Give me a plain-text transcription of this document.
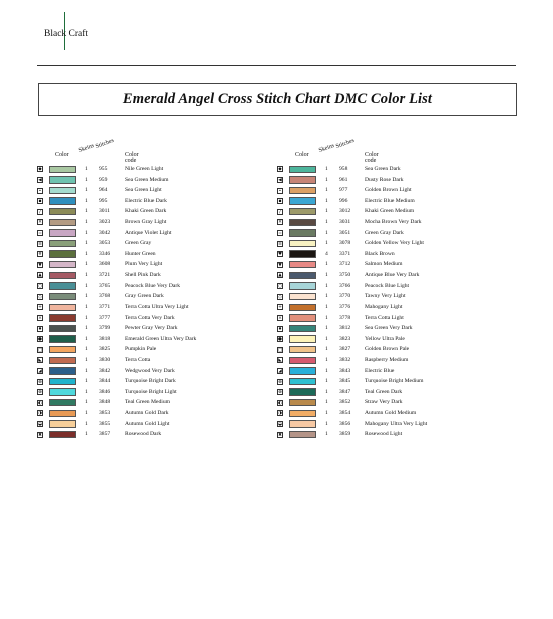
Black Craft
Emerald Angel Cross Stitch Chart DMC Color List
Color
Skeins Stitches
Color code
◆	1 955	Nile Green Light
◀	1 959	Sea Green Medium
•	1 964	Sea Green Light
▪	1 995	Electric Blue Dark
/	1 3011	Khaki Green Dark
✕	1 3023	Brown Gray Light
=	1 3042	Antique Violet Light
≡	1 3053	Green Gray
#	1 3346	Hunter Green
▼	1 3608	Plum Very Light
▲	1 3721	Shell Pink Dark
○	1 3765	Peacock Blue Very Dark
◇	1 3768	Gray Green Dark
+	1 3771	Terra Cotta Ultra Very Light
×	1 3777	Terra Cotta Very Dark
♦	1 3799	Pewter Gray Very Dark
●	1 3818	Emerald Green Ultra Very Dark
□	1 3825	Pumpkin Pale
◣	1 3830	Terra Cotta
◢	1 3842	Wedgwood Very Dark
⊕	1 3844	Turquoise Bright Dark
⊗	1 3846	Turquoise Bright Light
◐	1 3848	Teal Green Medium
◑	1 3853	Autumn Gold Dark
◒	1 3855	Autumn Gold Light
✖	1 3857	Rosewood Dark
Color
Skeins Stitches
Color code
◆	1 958	Sea Green Dark
◀	1 961	Dusty Rose Dark
•	1 977	Golden Brown Light
▪	1 996	Electric Blue Medium
/	1 3012	Khaki Green Medium
✕	1 3031	Mocha Brown Very Dark
=	1 3051	Green Gray Dark
≡	1 3078	Golden Yellow Very Light
♥	4 3371	Black Brown
▼	1 3712	Salmon Medium
▲	1 3750	Antique Blue Very Dark
○	1 3766	Peacock Blue Light
◇	1 3770	Tawny Very Light
+	1 3776	Mahogany Light
×	1 3778	Terra Cotta Light
♦	1 3812	Sea Green Very Dark
●	1 3823	Yellow Ultra Pale
□	1 3827	Golden Brown Pale
◣	1 3832	Raspberry Medium
◢	1 3843	Electric Blue
⊕	1 3845	Turquoise Bright Medium
⊗	1 3847	Teal Green Dark
◐	1 3852	Straw Very Dark
◑	1 3854	Autumn Gold Medium
◒	1 3856	Mahogany Ultra Very Light
✖	1 3859	Rosewood Light
